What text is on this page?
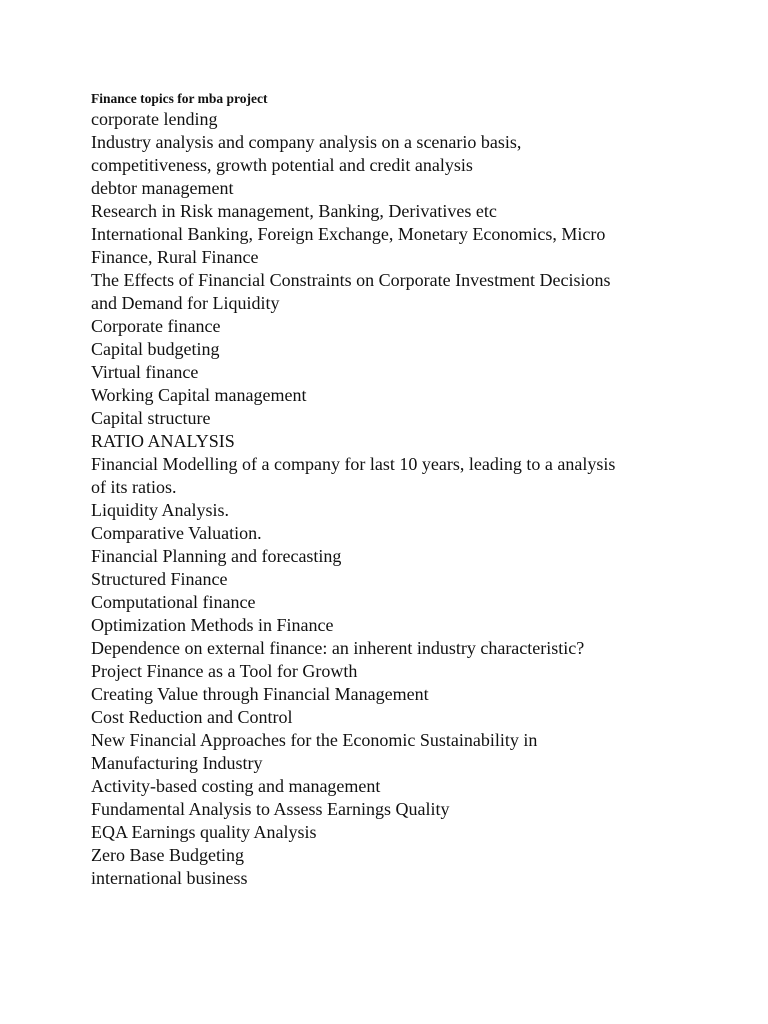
Finance topics for mba project
corporate lending
Industry analysis and company analysis on a scenario basis,
competitiveness, growth potential and credit analysis
debtor management
Research in Risk management, Banking, Derivatives etc
International Banking, Foreign Exchange, Monetary Economics, Micro
Finance, Rural Finance
The Effects of Financial Constraints on Corporate Investment Decisions
and Demand for Liquidity
Corporate finance
Capital budgeting
Virtual finance
Working Capital management
Capital structure
RATIO ANALYSIS
Financial Modelling of a company for last 10 years, leading to a analysis
of its ratios.
Liquidity Analysis.
Comparative Valuation.
Financial Planning and forecasting
Structured Finance
Computational finance
Optimization Methods in Finance
Dependence on external finance: an inherent industry characteristic?
Project Finance as a Tool for Growth
Creating Value through Financial Management
Cost Reduction and Control
New Financial Approaches for the Economic Sustainability in
Manufacturing Industry
Activity-based costing and management
Fundamental Analysis to Assess Earnings Quality
EQA Earnings quality Analysis
Zero Base Budgeting
international business
